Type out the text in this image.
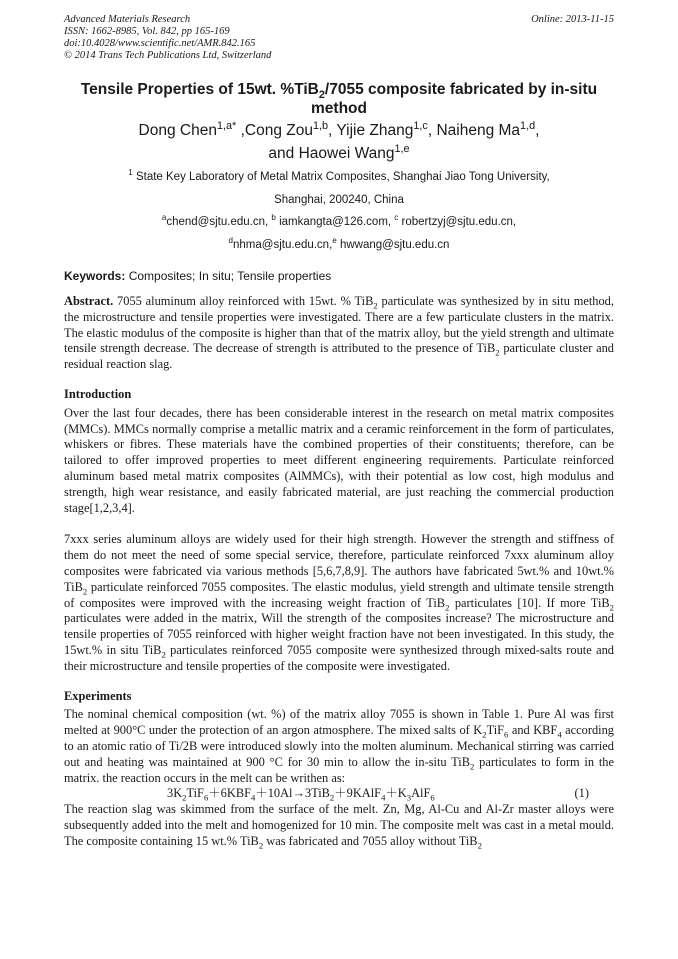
Advanced Materials Research
ISSN: 1662-8985, Vol. 842, pp 165-169
doi:10.4028/www.scientific.net/AMR.842.165
© 2014 Trans Tech Publications Ltd, Switzerland
Online: 2013-11-15
Tensile Properties of 15wt. %TiB$_2$/7055 composite fabricated by in-situ method
Dong Chen$^{1,a*}$ ,Cong Zou$^{1,b}$, Yijie Zhang$^{1,c}$, Naiheng Ma$^{1,d}$,
and Haowei Wang$^{1,e}$
$^1$ State Key Laboratory of Metal Matrix Composites, Shanghai Jiao Tong University,
Shanghai, 200240, China
$^a$chend@sjtu.edu.cn, $^b$ iamkangta@126.com, $^c$ robertzyj@sjtu.edu.cn,
$^d$nhma@sjtu.edu.cn,$^e$ hwwang@sjtu.edu.cn
Keywords: Composites; In situ; Tensile properties

Abstract. 7055 aluminum alloy reinforced with 15wt. % TiB$_2$ particulate was synthesized by in situ method, the microstructure and tensile properties were investigated. There are a few particulate clusters in the matrix. The elastic modulus of the composite is higher than that of the matrix alloy, but the yield strength and ultimate tensile strength decrease. The decrease of strength is attributed to the presence of TiB$_2$ particulate cluster and residual reaction slag.

Introduction

Over the last four decades, there has been considerable interest in the research on metal matrix composites (MMCs). MMCs normally comprise a metallic matrix and a ceramic reinforcement in the form of particulates, whiskers or fibres. These materials have the combined properties of their constituents; therefore, can be tailored to offer improved properties to meet different engineering requirements. Particulate reinforced aluminum based metal matrix composites (AlMMCs), with their potential as low cost, high modulus and strength, high wear resistance, and easily fabricated material, are just reaching the commercial production stage[1,2,3,4].

7xxx series aluminum alloys are widely used for their high strength. However the strength and stiffness of them do not meet the need of some special service, therefore, particulate reinforced 7xxx aluminum alloy composites were fabricated via various methods [5,6,7,8,9]. The authors have fabricated 5wt.% and 10wt.% TiB$_2$ particulate reinforced 7055 composites. The elastic modulus, yield strength and ultimate tensile strength of composites were improved with the increasing weight fraction of TiB$_2$ particulates [10]. If more TiB$_2$ particulates were added in the matrix, Will the strength of the composites increase? The microstructure and tensile properties of 7055 reinforced with higher weight fraction have not been investigated. In this study, the 15wt.% in situ TiB$_2$ particulates reinforced 7055 composite were synthesized through mixed-salts route and their microstructure and tensile properties of the composite were investigated.

Experiments

The nominal chemical composition (wt. %) of the matrix alloy 7055 is shown in Table 1. Pure Al was first melted at 900°C under the protection of an argon atmosphere. The mixed salts of $K_2TiF_6$ and $KBF_4$ according to an atomic ratio of Ti/2B were introduced slowly into the molten aluminum. Mechanical stirring was carried out and heating was maintained at 900 °C for 30 min to allow the in-situ TiB$_2$ particulates to form in the matrix. the reaction occurs in the melt can be writhen as:

$3K_2TiF_6+6KBF_4+10Al\to 3TiB_2+9KAlF_4+K_3AlF_6$	(1)

The reaction slag was skimmed from the surface of the melt. Zn, Mg, Al-Cu and Al-Zr master alloys were subsequently added into the melt and homogenized for 10 min. The composite melt was cast in a metal mould. The composite containing 15 wt.% TiB$_2$ was fabricated and 7055 alloy without TiB$_2$
